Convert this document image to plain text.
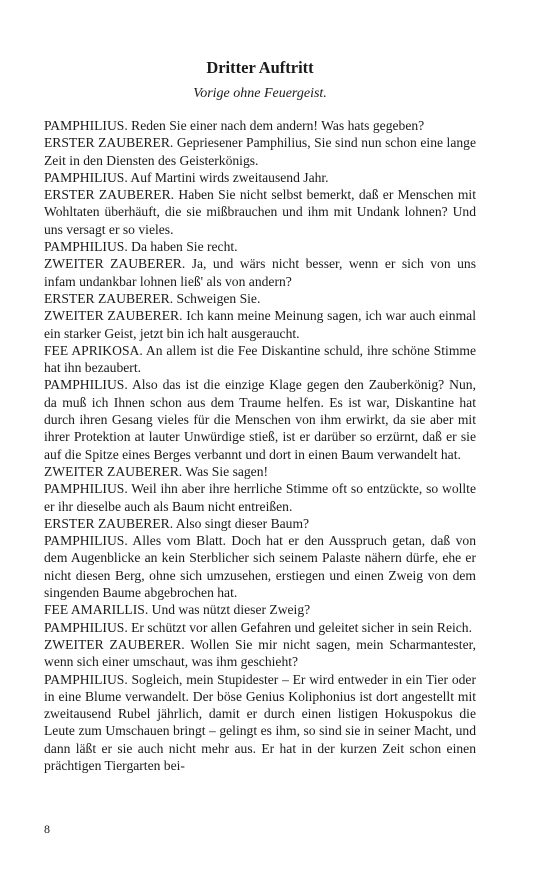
Dritter Auftritt
Vorige ohne Feuergeist.

PAMPHILIUS. Reden Sie einer nach dem andern! Was hats gegeben?

ERSTER ZAUBERER. Gepriesener Pamphilius, Sie sind nun schon eine lange Zeit in den Diensten des Geisterkönigs.

PAMPHILIUS. Auf Martini wirds zweitausend Jahr.

ERSTER ZAUBERER. Haben Sie nicht selbst bemerkt, daß er Menschen mit Wohltaten überhäuft, die sie mißbrauchen und ihm mit Undank lohnen? Und uns versagt er so vieles.

PAMPHILIUS. Da haben Sie recht.

ZWEITER ZAUBERER. Ja, und wärs nicht besser, wenn er sich von uns infam undankbar lohnen ließ' als von andern?

ERSTER ZAUBERER. Schweigen Sie.

ZWEITER ZAUBERER. Ich kann meine Meinung sagen, ich war auch einmal ein starker Geist, jetzt bin ich halt ausgeraucht.

FEE APRIKOSA. An allem ist die Fee Diskantine schuld, ihre schöne Stimme hat ihn bezaubert.

PAMPHILIUS. Also das ist die einzige Klage gegen den Zauberkönig? Nun, da muß ich Ihnen schon aus dem Traume helfen. Es ist war, Diskantine hat durch ihren Gesang vieles für die Menschen von ihm erwirkt, da sie aber mit ihrer Protektion at lauter Unwürdige stieß, ist er darüber so erzürnt, daß er sie auf die Spitze eines Berges verbannt und dort in einen Baum verwandelt hat.

ZWEITER ZAUBERER. Was Sie sagen!

PAMPHILIUS. Weil ihn aber ihre herrliche Stimme oft so entzückte, so wollte er ihr dieselbe auch als Baum nicht entreißen.

ERSTER ZAUBERER. Also singt dieser Baum?

PAMPHILIUS. Alles vom Blatt. Doch hat er den Ausspruch getan, daß von dem Augenblicke an kein Sterblicher sich seinem Palaste nähern dürfe, ehe er nicht diesen Berg, ohne sich umzusehen, erstiegen und einen Zweig von dem singenden Baume abgebrochen hat.

FEE AMARILLIS. Und was nützt dieser Zweig?

PAMPHILIUS. Er schützt vor allen Gefahren und geleitet sicher in sein Reich.

ZWEITER ZAUBERER. Wollen Sie mir nicht sagen, mein Scharmantester, wenn sich einer umschaut, was ihm geschieht?

PAMPHILIUS. Sogleich, mein Stupidester – Er wird entweder in ein Tier oder in eine Blume verwandelt. Der böse Genius Koliphonius ist dort angestellt mit zweitausend Rubel jährlich, damit er durch einen listigen Hokuspokus die Leute zum Umschauen bringt – gelingt es ihm, so sind sie in seiner Macht, und dann läßt er sie auch nicht mehr aus. Er hat in der kurzen Zeit schon einen prächtigen Tiergarten bei-

8
